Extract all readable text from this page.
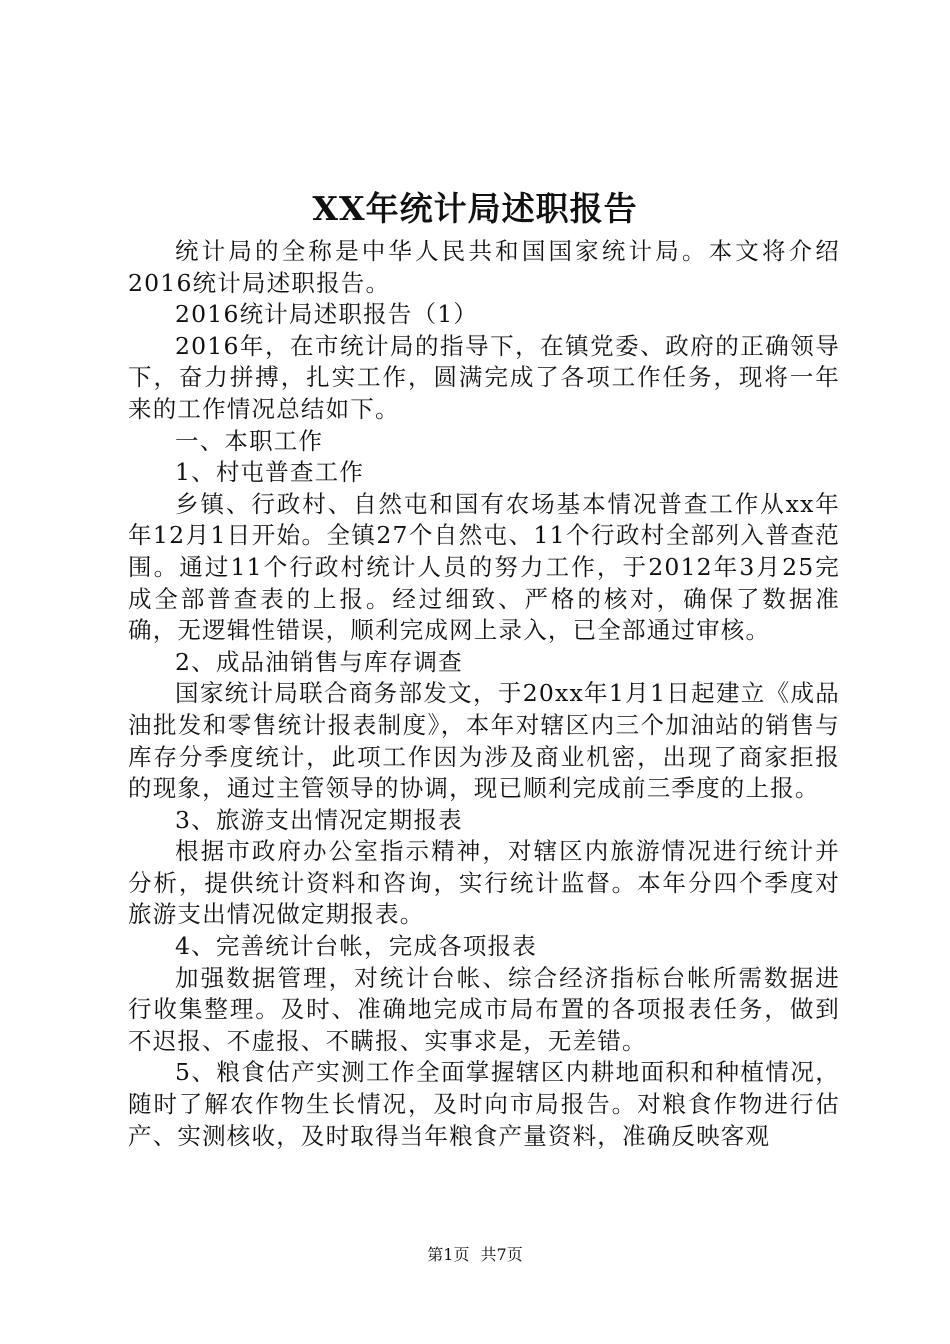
XX年统计局述职报告

统计局的全称是中华人民共和国国家统计局。本文将介绍2016统计局述职报告。

2016统计局述职报告（1）

2016年，在市统计局的指导下，在镇党委、政府的正确领导下，奋力拼搏，扎实工作，圆满完成了各项工作任务，现将一年来的工作情况总结如下。

一、本职工作

1、村屯普查工作

乡镇、行政村、自然屯和国有农场基本情况普查工作从xx年年12月1日开始。全镇27个自然屯、11个行政村全部列入普查范围。通过11个行政村统计人员的努力工作，于2012年3月25完成全部普查表的上报。经过细致、严格的核对，确保了数据准确，无逻辑性错误，顺利完成网上录入，已全部通过审核。

2、成品油销售与库存调查

国家统计局联合商务部发文，于20xx年1月1日起建立《成品油批发和零售统计报表制度》，本年对辖区内三个加油站的销售与库存分季度统计，此项工作因为涉及商业机密，出现了商家拒报的现象，通过主管领导的协调，现已顺利完成前三季度的上报。

3、旅游支出情况定期报表

根据市政府办公室指示精神，对辖区内旅游情况进行统计并分析，提供统计资料和咨询，实行统计监督。本年分四个季度对旅游支出情况做定期报表。

4、完善统计台帐，完成各项报表

加强数据管理，对统计台帐、综合经济指标台帐所需数据进行收集整理。及时、准确地完成市局布置的各项报表任务，做到不迟报、不虚报、不瞒报、实事求是，无差错。

5、粮食估产实测工作全面掌握辖区内耕地面积和种植情况，随时了解农作物生长情况，及时向市局报告。对粮食作物进行估产、实测核收，及时取得当年粮食产量资料，准确反映客观

第1页 共7页
